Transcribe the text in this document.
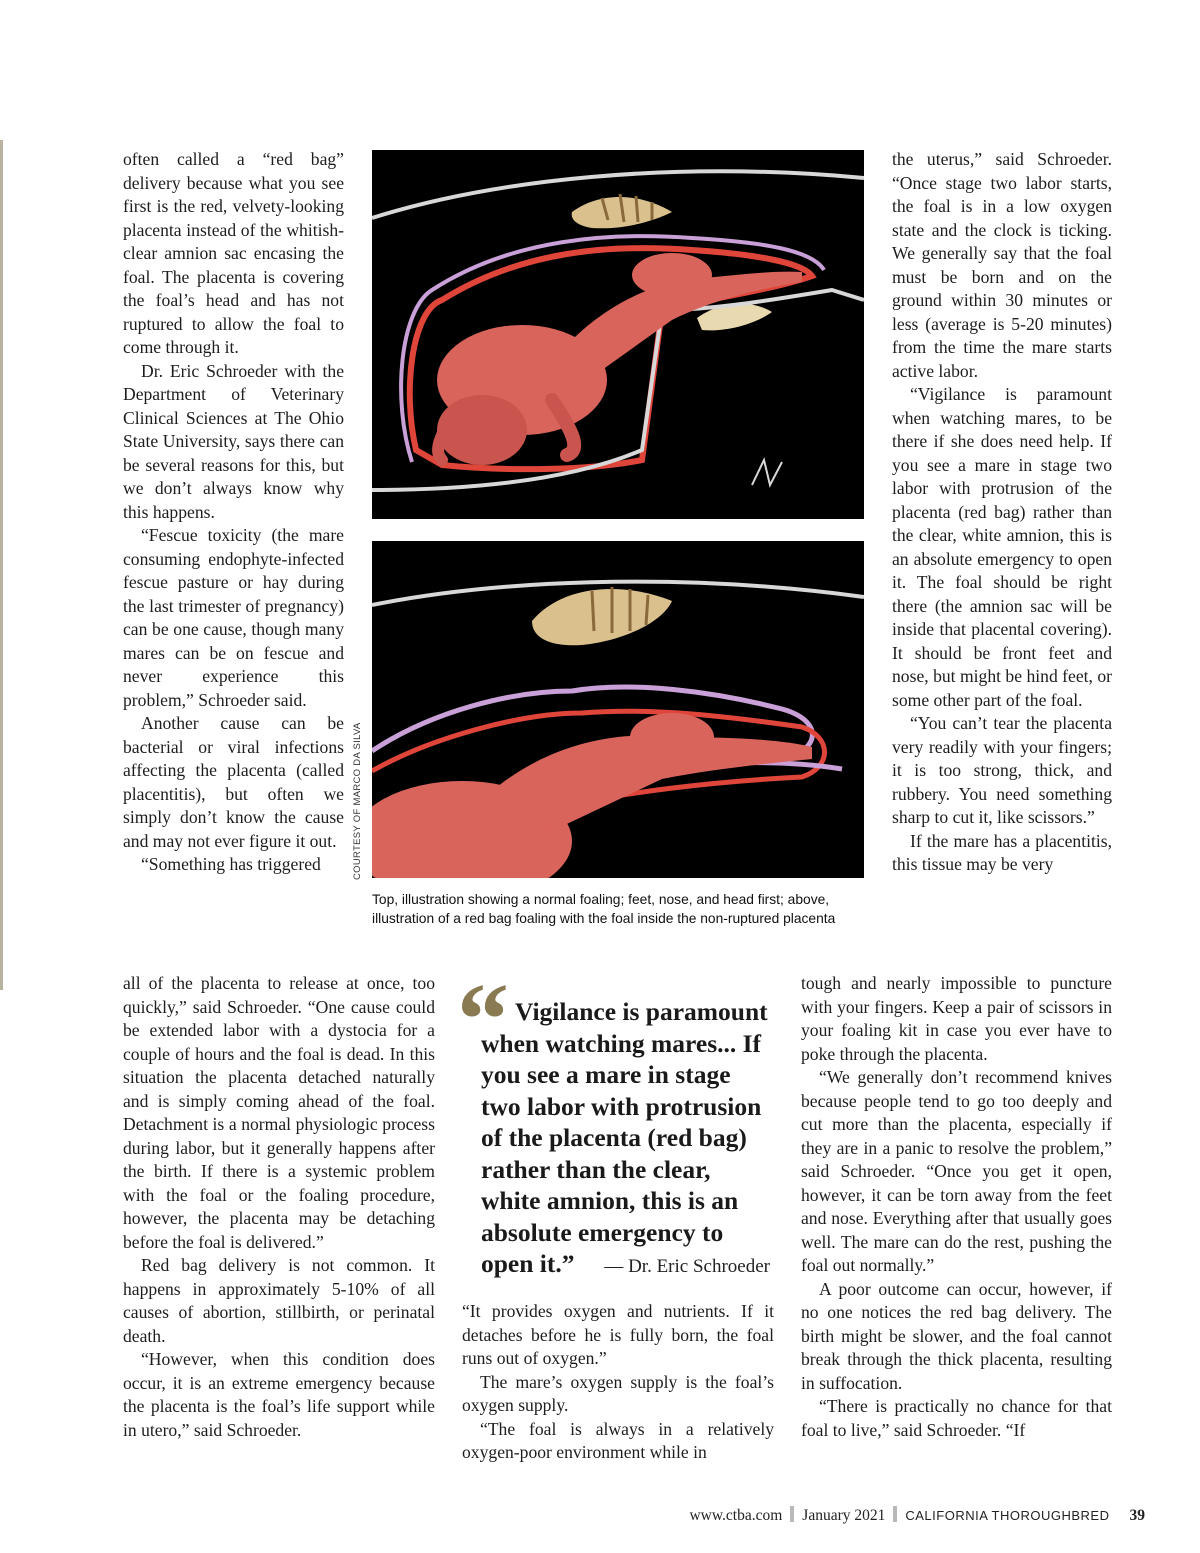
often called a “red bag” delivery because what you see first is the red, velvety-looking placenta instead of the whitish-clear amnion sac encasing the foal. The placenta is covering the foal’s head and has not ruptured to allow the foal to come through it.

Dr. Eric Schroeder with the Department of Veterinary Clinical Sciences at The Ohio State University, says there can be several reasons for this, but we don’t always know why this happens.

“Fescue toxicity (the mare consuming endophyte-infected fescue pasture or hay during the last trimester of pregnancy) can be one cause, though many mares can be on fescue and never experience this problem,” Schroeder said.

Another cause can be bacterial or viral infections affecting the placenta (called placentitis), but often we simply don’t know the cause and may not ever figure it out.

“Something has triggered

all of the placenta to release at once, too quickly,” said Schroeder. “One cause could be extended labor with a dystocia for a couple of hours and the foal is dead. In this situation the placenta detached naturally and is simply coming ahead of the foal. Detachment is a normal physiologic process during labor, but it generally happens after the birth. If there is a systemic problem with the foal or the foaling procedure, however, the placenta may be detaching before the foal is delivered.”

Red bag delivery is not common. It happens in approximately 5-10% of all causes of abortion, stillbirth, or perinatal death.

“However, when this condition does occur, it is an extreme emergency because the placenta is the foal’s life support while in utero,” said Schroeder.

COURTESY OF MARCO DA SILVA
Top, illustration showing a normal foaling; feet, nose, and head first; above, illustration of a red bag foaling with the foal inside the non-ruptured placenta
“ Vigilance is paramount when watching mares... If you see a mare in stage two labor with protrusion of the placenta (red bag) rather than the clear, white amnion, this is an absolute emergency to open it.”	— Dr. Eric Schroeder

“It provides oxygen and nutrients. If it detaches before he is fully born, the foal runs out of oxygen.”

The mare’s oxygen supply is the foal’s oxygen supply.

“The foal is always in a relatively oxygen-poor environment while in

the uterus,” said Schroeder. “Once stage two labor starts, the foal is in a low oxygen state and the clock is ticking. We generally say that the foal must be born and on the ground within 30 minutes or less (average is 5-20 minutes) from the time the mare starts active labor.

“Vigilance is paramount when watching mares, to be there if she does need help. If you see a mare in stage two labor with protrusion of the placenta (red bag) rather than the clear, white amnion, this is an absolute emergency to open it. The foal should be right there (the amnion sac will be inside that placental covering). It should be front feet and nose, but might be hind feet, or some other part of the foal.

“You can’t tear the placenta very readily with your fingers; it is too strong, thick, and rubbery. You need something sharp to cut it, like scissors.”

If the mare has a placentitis, this tissue may be very

tough and nearly impossible to puncture with your fingers. Keep a pair of scissors in your foaling kit in case you ever have to poke through the placenta.

“We generally don’t recommend knives because people tend to go too deeply and cut more than the placenta, especially if they are in a panic to resolve the problem,” said Schroeder. “Once you get it open, however, it can be torn away from the feet and nose. Everything after that usually goes well. The mare can do the rest, pushing the foal out normally.”

A poor outcome can occur, however, if no one notices the red bag delivery. The birth might be slower, and the foal cannot break through the thick placenta, resulting in suffocation.

“There is practically no chance for that foal to live,” said Schroeder. “If

www.ctba.com January 2021 CALIFORNIA THOROUGHBRED 39
